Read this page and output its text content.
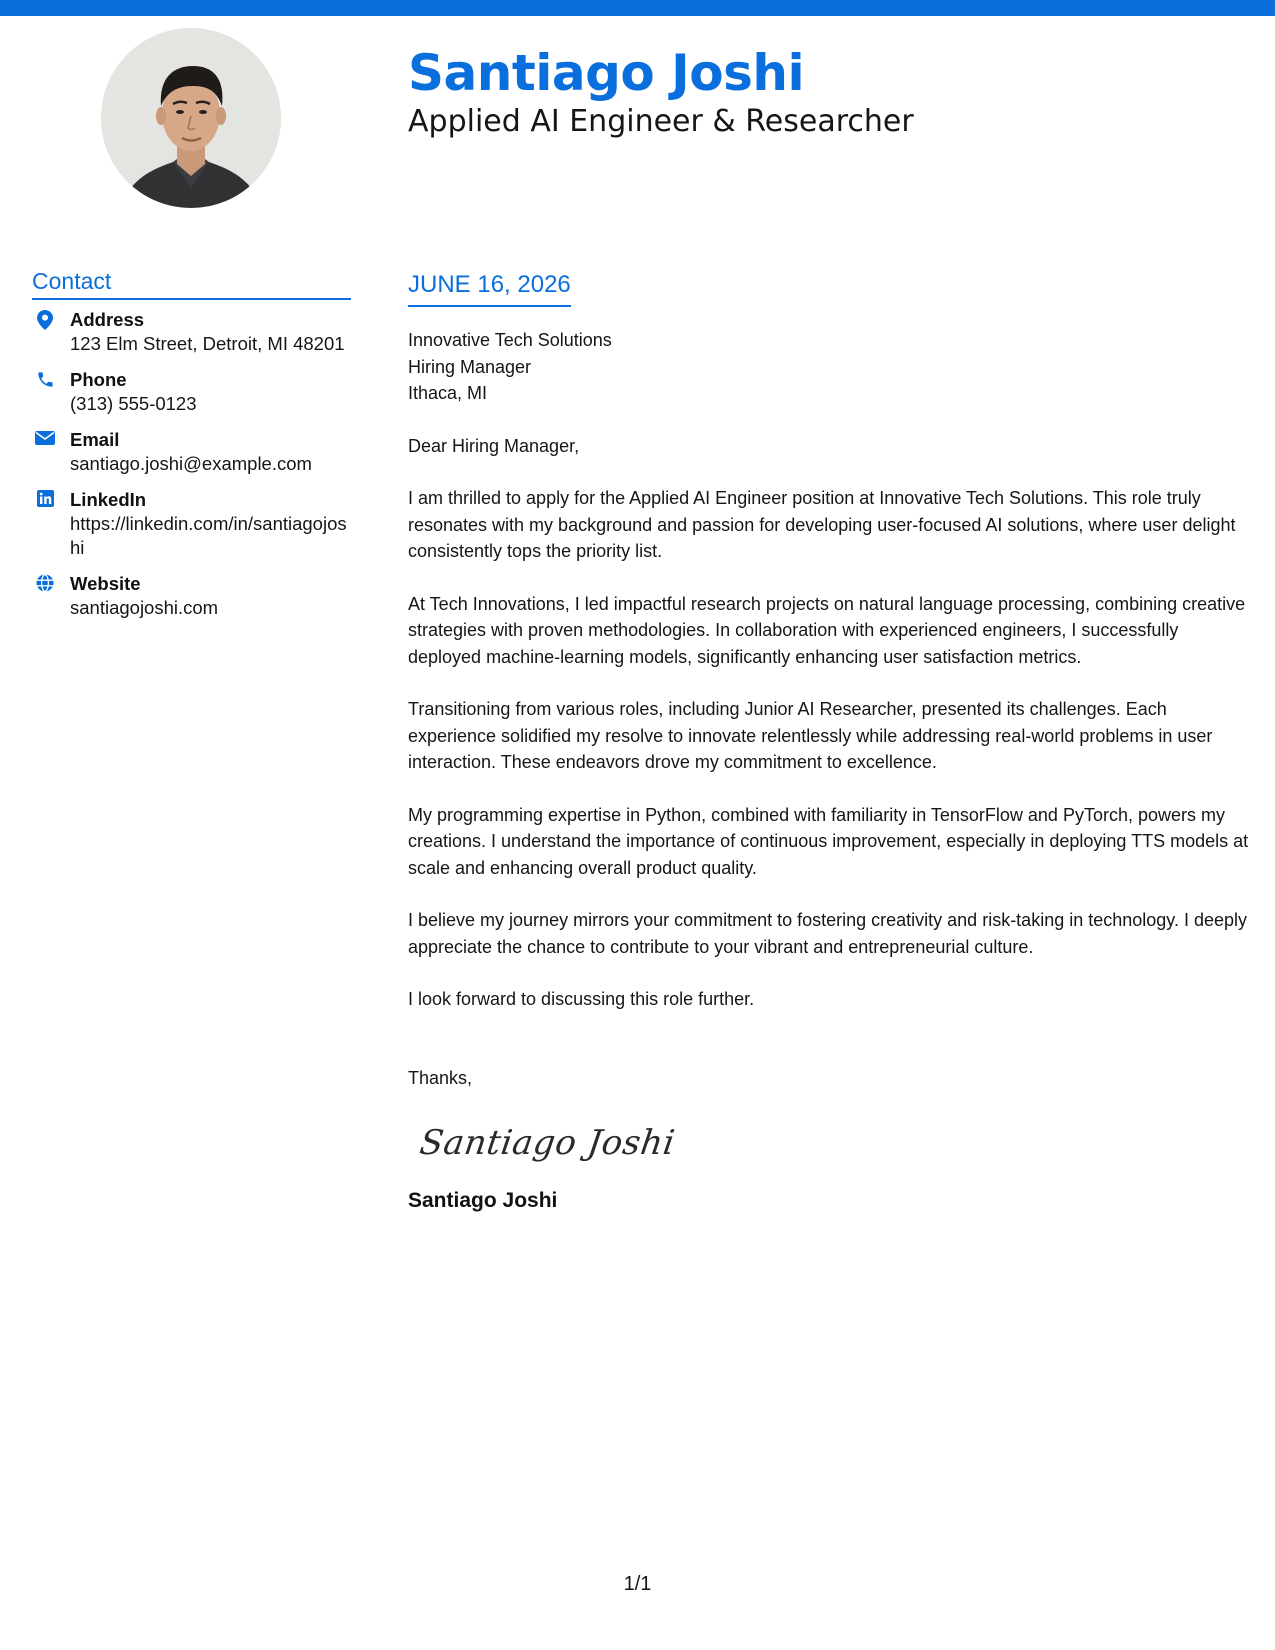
Santiago Joshi
Applied AI Engineer & Researcher
Contact
Address
123 Elm Street, Detroit, MI 48201
Phone
(313) 555-0123
Email
santiago.joshi@example.com
LinkedIn
https://linkedin.com/in/santiagojoshi
Website
santiagojoshi.com
JUNE 16, 2026
Innovative Tech Solutions
Hiring Manager
Ithaca, MI
Dear Hiring Manager,

I am thrilled to apply for the Applied AI Engineer position at Innovative Tech Solutions. This role truly resonates with my background and passion for developing user-focused AI solutions, where user delight consistently tops the priority list.

At Tech Innovations, I led impactful research projects on natural language processing, combining creative strategies with proven methodologies. In collaboration with experienced engineers, I successfully deployed machine-learning models, significantly enhancing user satisfaction metrics.

Transitioning from various roles, including Junior AI Researcher, presented its challenges. Each experience solidified my resolve to innovate relentlessly while addressing real-world problems in user interaction. These endeavors drove my commitment to excellence.

My programming expertise in Python, combined with familiarity in TensorFlow and PyTorch, powers my creations. I understand the importance of continuous improvement, especially in deploying TTS models at scale and enhancing overall product quality.

I believe my journey mirrors your commitment to fostering creativity and risk-taking in technology. I deeply appreciate the chance to contribute to your vibrant and entrepreneurial culture.

I look forward to discussing this role further.

Thanks,
Santiago Joshi
Santiago Joshi
1/1
